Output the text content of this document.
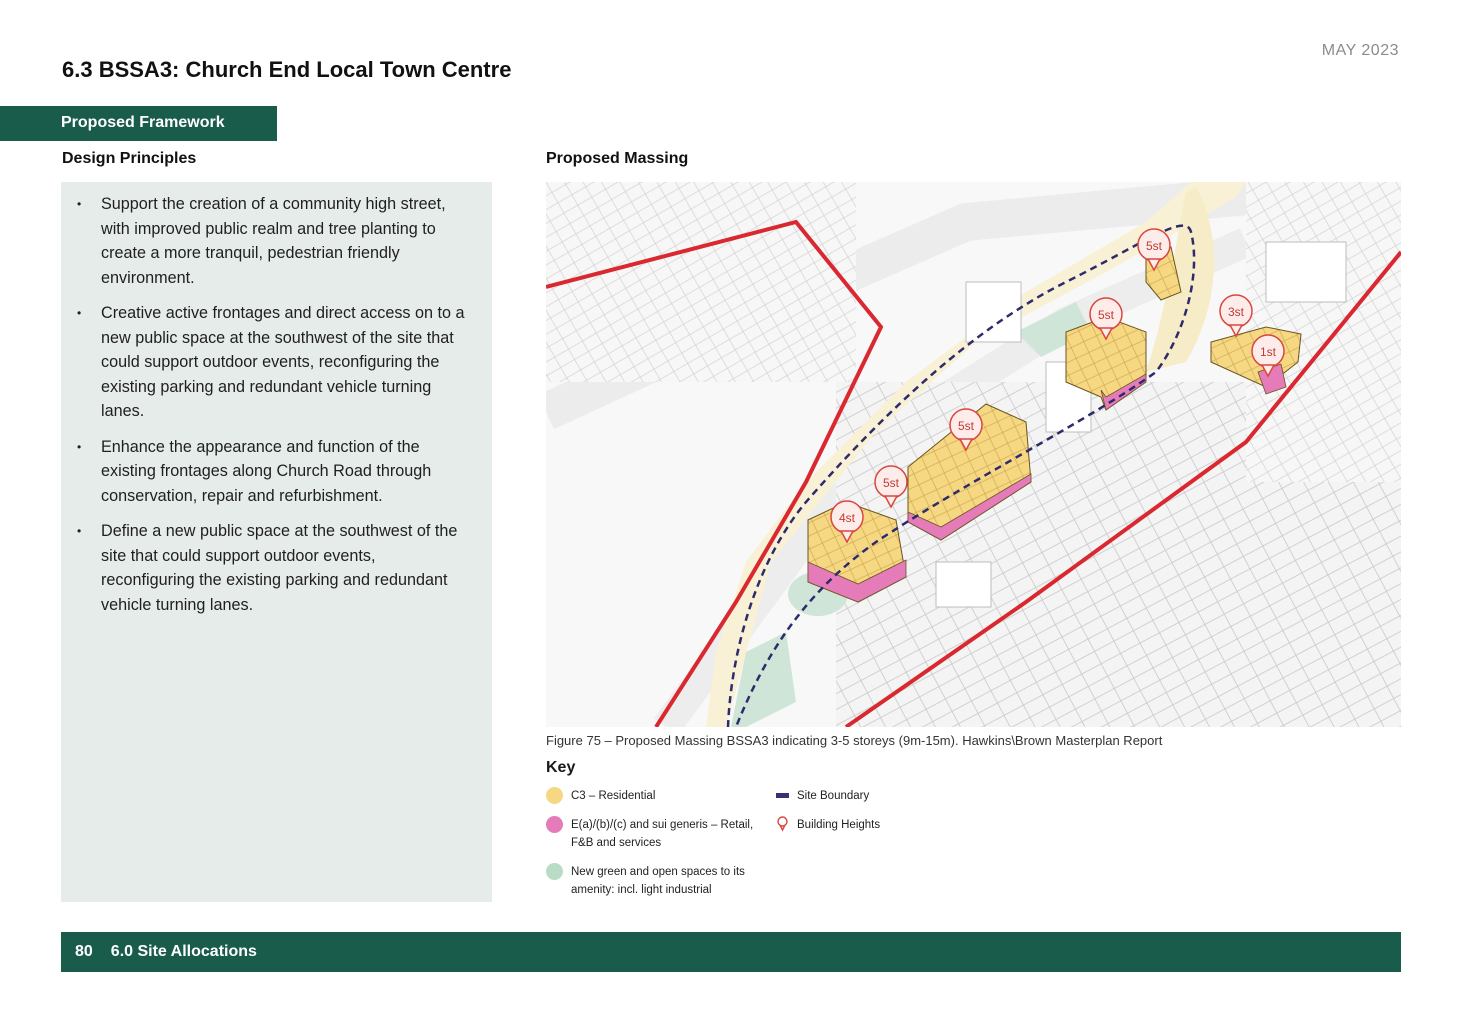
MAY 2023
6.3 BSSA3: Church End Local Town Centre
Proposed Framework
Design Principles	Proposed Massing
• Support the creation of a community high street, with improved public realm and tree planting to create a more tranquil, pedestrian friendly environment.
• Creative active frontages and direct access on to a new public space at the southwest of the site that could support outdoor events, reconfiguring the existing parking and redundant vehicle turning lanes.
• Enhance the appearance and function of the existing frontages along Church Road through conservation, repair and refurbishment.
• Define a new public space at the southwest of the site that could support outdoor events, reconfiguring the existing parking and redundant vehicle turning lanes.
4st
5st
5st
5st
5st
3st
1st
Figure 75 – Proposed Massing BSSA3 indicating 3-5 storeys (9m-15m). Hawkins\Brown Masterplan Report
Key
C3 – Residential
E(a)/(b)/(c) and sui generis – Retail, F&B and services
New green and open spaces to its amenity: incl. light industrial
Site Boundary
Building Heights
80 6.0 Site Allocations
